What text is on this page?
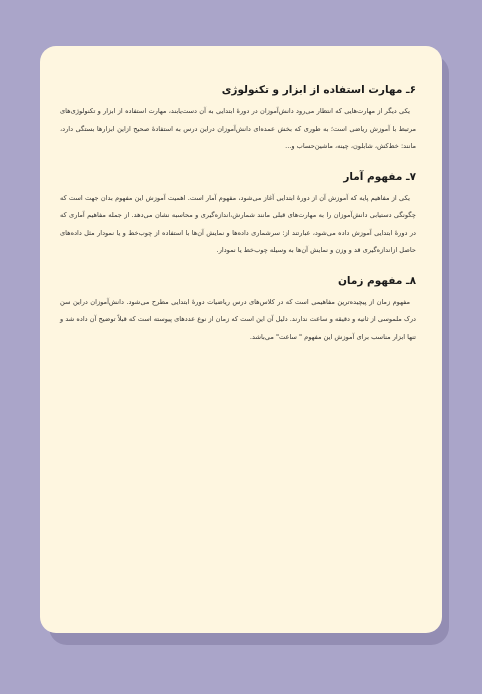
۶ـ مهارت استفاده از ابزار و تکنولوژی

یکی دیگر از مهارت‌هایی که انتظار می‌رود دانش‌آموزان در دورهٔ ابتدایی به آن دست‌یابند، مهارت استفاده از ابزار و تکنولوژی‌های مرتبط با آموزش ریاضی است؛ به طوری که بخش عمده‌ای دانش‌آموزان دراین درس به استفادهٔ صحیح ازاین ابزارها بستگی دارد، مانند: خط‌کش، شابلون، چینه، ماشین‌حساب و...

۷ـ مفهوم آمار

یکی از مفاهیم پایه که آموزش آن از دورهٔ ابتدایی آغاز می‌شود، مفهوم آمار است. اهمیت آموزش این مفهوم بدان جهت است که چگونگی دستیابی دانش‌آموزان را به مهارت‌های قبلی مانند شمارش،اندازه‌گیری و محاسبه نشان می‌دهد. از جمله مفاهیم آماری که در دورهٔ ابتدایی آموزش داده می‌شود، عبارتند از: سرشماری داده‌ها و نمایش آن‌ها با استفاده از چوب‌خط و یا نمودار مثل داده‌های حاصل ازاندازه‌گیری قد و وزن و نمایش آن‌ها به وسیله چوب‌خط یا نمودار.

۸ـ مفهوم زمان

مفهوم زمان از پیچیده‌ترین مفاهیمی است که در کلاس‌های درس ریاضیات دورهٔ ابتدایی مطرح می‌شود. دانش‌آموزان دراین سن درک ملموسی از ثانیه و دقیقه و ساعت ندارند. دلیل آن این است که زمان از نوع عددهای پیوسته است که قبلاً توضیح آن داده شد و تنها ابزار مناسب برای آموزش این مفهوم " ساعت" می‌باشد.
